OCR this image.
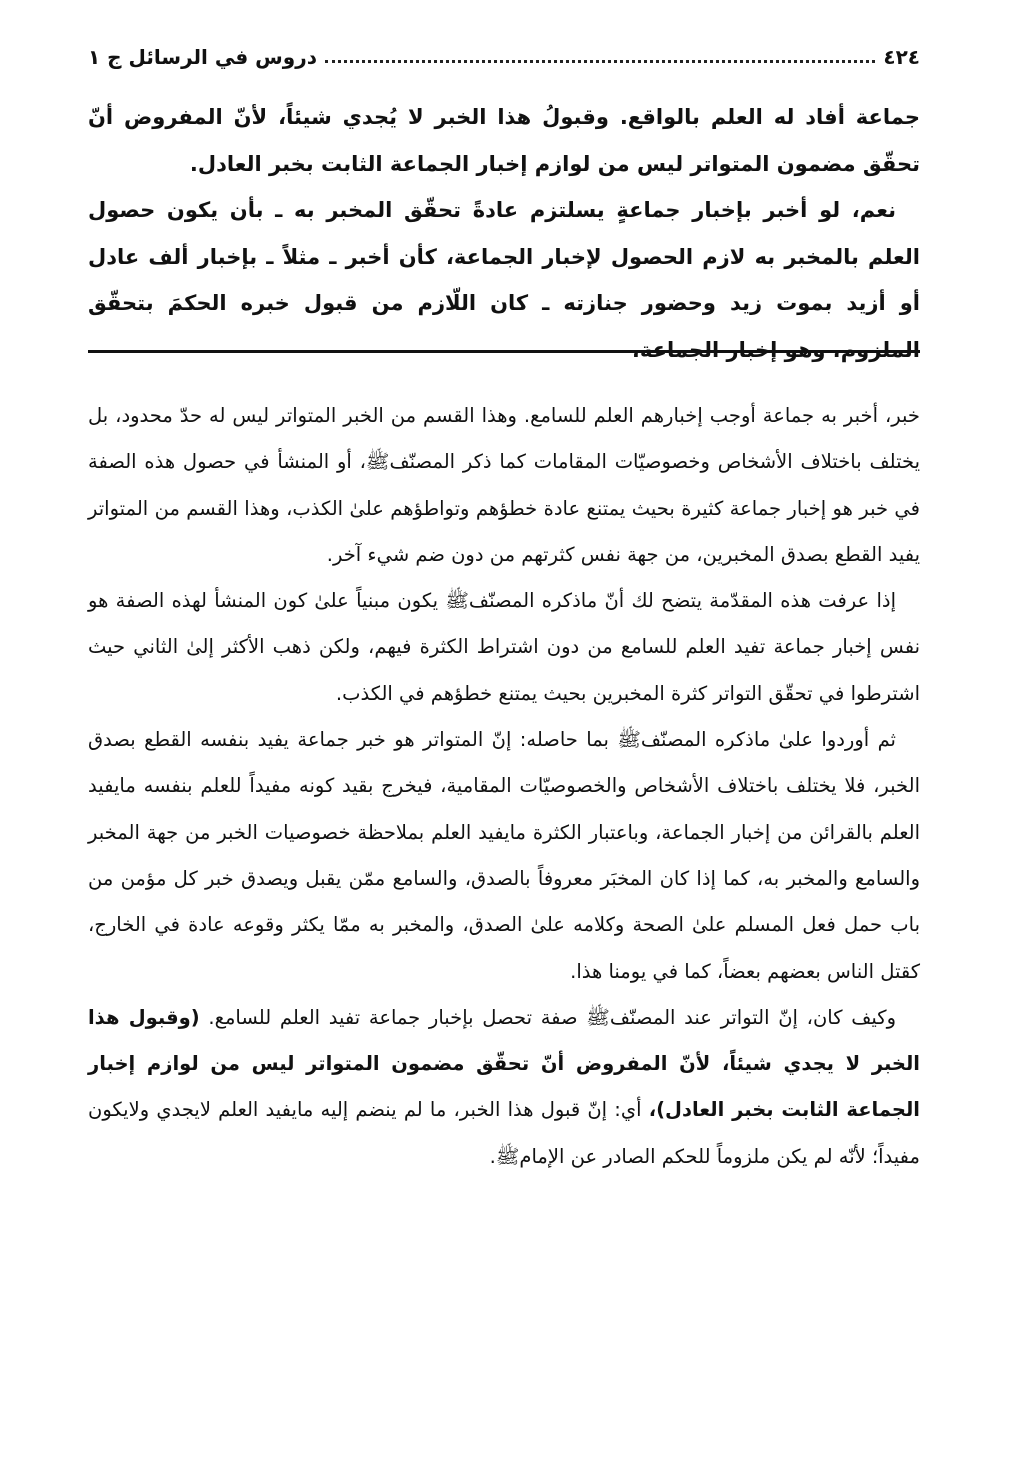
٤٢٤
دروس في الرسائل ج ١

جماعة أفاد له العلم بالواقع. وقبولُ هذا الخبر لا يُجدي شيئاً، لأنّ المفروض أنّ تحقّق مضمون المتواتر ليس من لوازم إخبار الجماعة الثابت بخبر العادل.

نعم، لو أخبر بإخبار جماعةٍ يسلتزم عادةً تحقّق المخبر به ـ بأن يكون حصول العلم بالمخبر به لازم الحصول لإخبار الجماعة، كأن أخبر ـ مثلاً ـ بإخبار ألف عادل أو أزيد بموت زيد وحضور جنازته ـ كان اللّازم من قبول خبره الحكمَ بتحقّق الملزوم، وهو إخبار الجماعة،

خبر، أخبر به جماعة أوجب إخبارهم العلم للسامع. وهذا القسم من الخبر المتواتر ليس له حدّ محدود، بل يختلف باختلاف الأشخاص وخصوصيّات المقامات كما ذكر المصنّفﷺ، أو المنشأ في حصول هذه الصفة في خبر هو إخبار جماعة كثيرة بحيث يمتنع عادة خطؤهم وتواطؤهم علىٰ الكذب، وهذا القسم من المتواتر يفيد القطع بصدق المخبرين، من جهة نفس كثرتهم من دون ضم شيء آخر.

إذا عرفت هذه المقدّمة يتضح لك أنّ ماذكره المصنّفﷺ يكون مبنياً علىٰ كون المنشأ لهذه الصفة هو نفس إخبار جماعة تفيد العلم للسامع من دون اشتراط الكثرة فيهم، ولكن ذهب الأكثر إلىٰ الثاني حيث اشترطوا في تحقّق التواتر كثرة المخبرين بحيث يمتنع خطؤهم في الكذب.

ثم أوردوا علىٰ ماذكره المصنّفﷺ بما حاصله: إنّ المتواتر هو خبر جماعة يفيد بنفسه القطع بصدق الخبر، فلا يختلف باختلاف الأشخاص والخصوصيّات المقامية، فيخرج بقيد كونه مفيداً للعلم بنفسه مايفيد العلم بالقرائن من إخبار الجماعة، وباعتبار الكثرة مايفيد العلم بملاحظة خصوصيات الخبر من جهة المخبر والسامع والمخبر به، كما إذا كان المخبَر معروفاً بالصدق، والسامع ممّن يقبل ويصدق خبر كل مؤمن من باب حمل فعل المسلم علىٰ الصحة وكلامه علىٰ الصدق، والمخبر به ممّا يكثر وقوعه عادة في الخارج، كقتل الناس بعضهم بعضاً، كما في يومنا هذا.

وكيف كان، إنّ التواتر عند المصنّفﷺ صفة تحصل بإخبار جماعة تفيد العلم للسامع. (وقبول هذا الخبر لا يجدي شيئاً، لأنّ المفروض أنّ تحقّق مضمون المتواتر ليس من لوازم إخبار الجماعة الثابت بخبر العادل)، أي: إنّ قبول هذا الخبر، ما لم ينضم إليه مايفيد العلم لايجدي ولايكون مفيداً؛ لأنّه لم يكن ملزوماً للحكم الصادر عن الإمامﷺ.
